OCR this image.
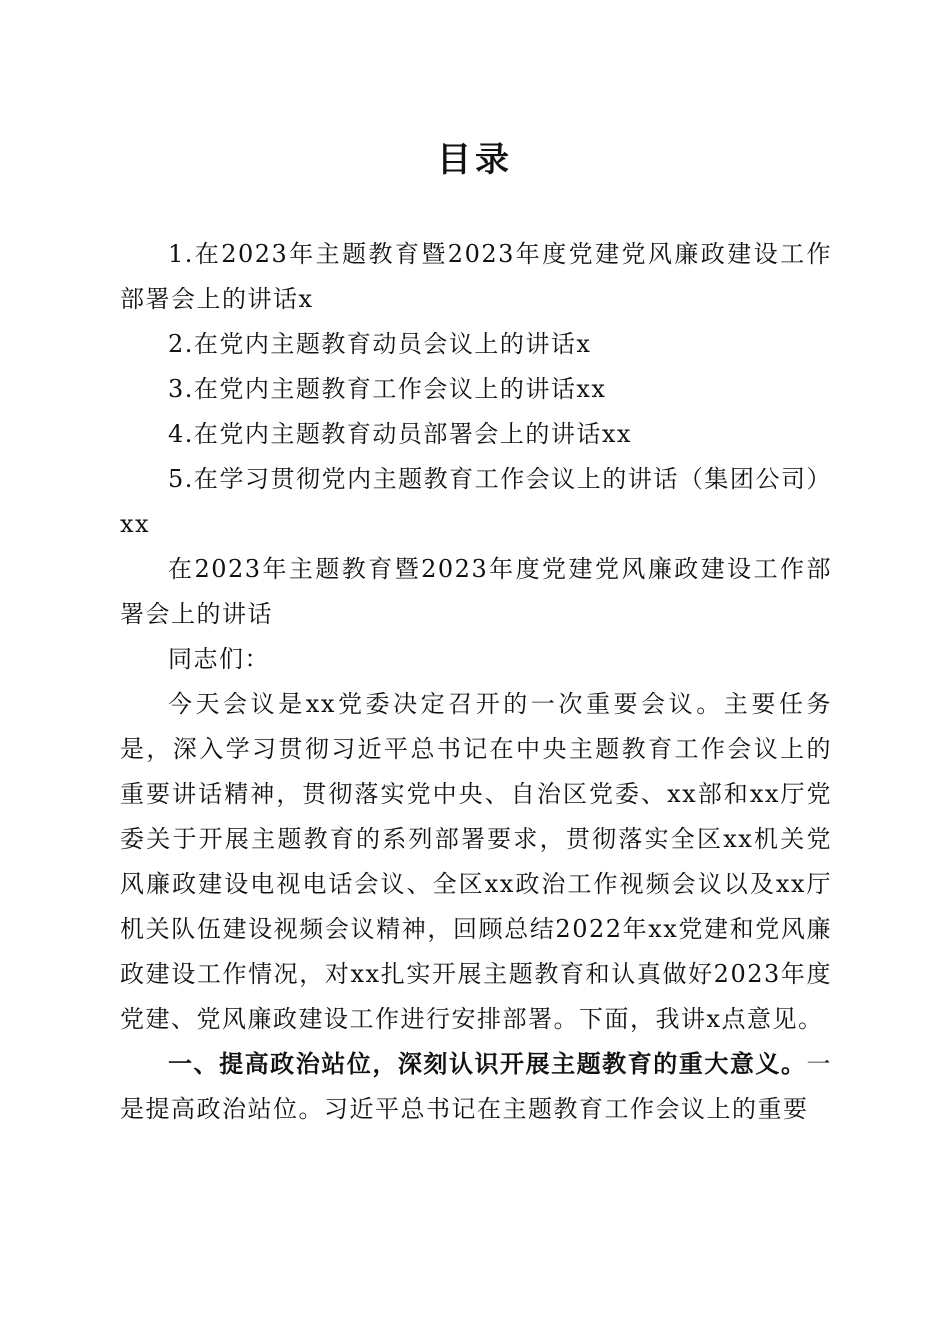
目录

1.在2023年主题教育暨2023年度党建党风廉政建设工作部署会上的讲话x

2.在党内主题教育动员会议上的讲话x

3.在党内主题教育工作会议上的讲话xx

4.在党内主题教育动员部署会上的讲话xx

5.在学习贯彻党内主题教育工作会议上的讲话（集团公司）xx

在2023年主题教育暨2023年度党建党风廉政建设工作部署会上的讲话

同志们：

今天会议是xx党委决定召开的一次重要会议。主要任务是，深入学习贯彻习近平总书记在中央主题教育工作会议上的重要讲话精神，贯彻落实党中央、自治区党委、xx部和xx厅党委关于开展主题教育的系列部署要求，贯彻落实全区xx机关党风廉政建设电视电话会议、全区xx政治工作视频会议以及xx厅机关队伍建设视频会议精神，回顾总结2022年xx党建和党风廉政建设工作情况，对xx扎实开展主题教育和认真做好2023年度党建、党风廉政建设工作进行安排部署。下面，我讲x点意见。

一、提高政治站位，深刻认识开展主题教育的重大意义。一是提高政治站位。习近平总书记在主题教育工作会议上的重要
